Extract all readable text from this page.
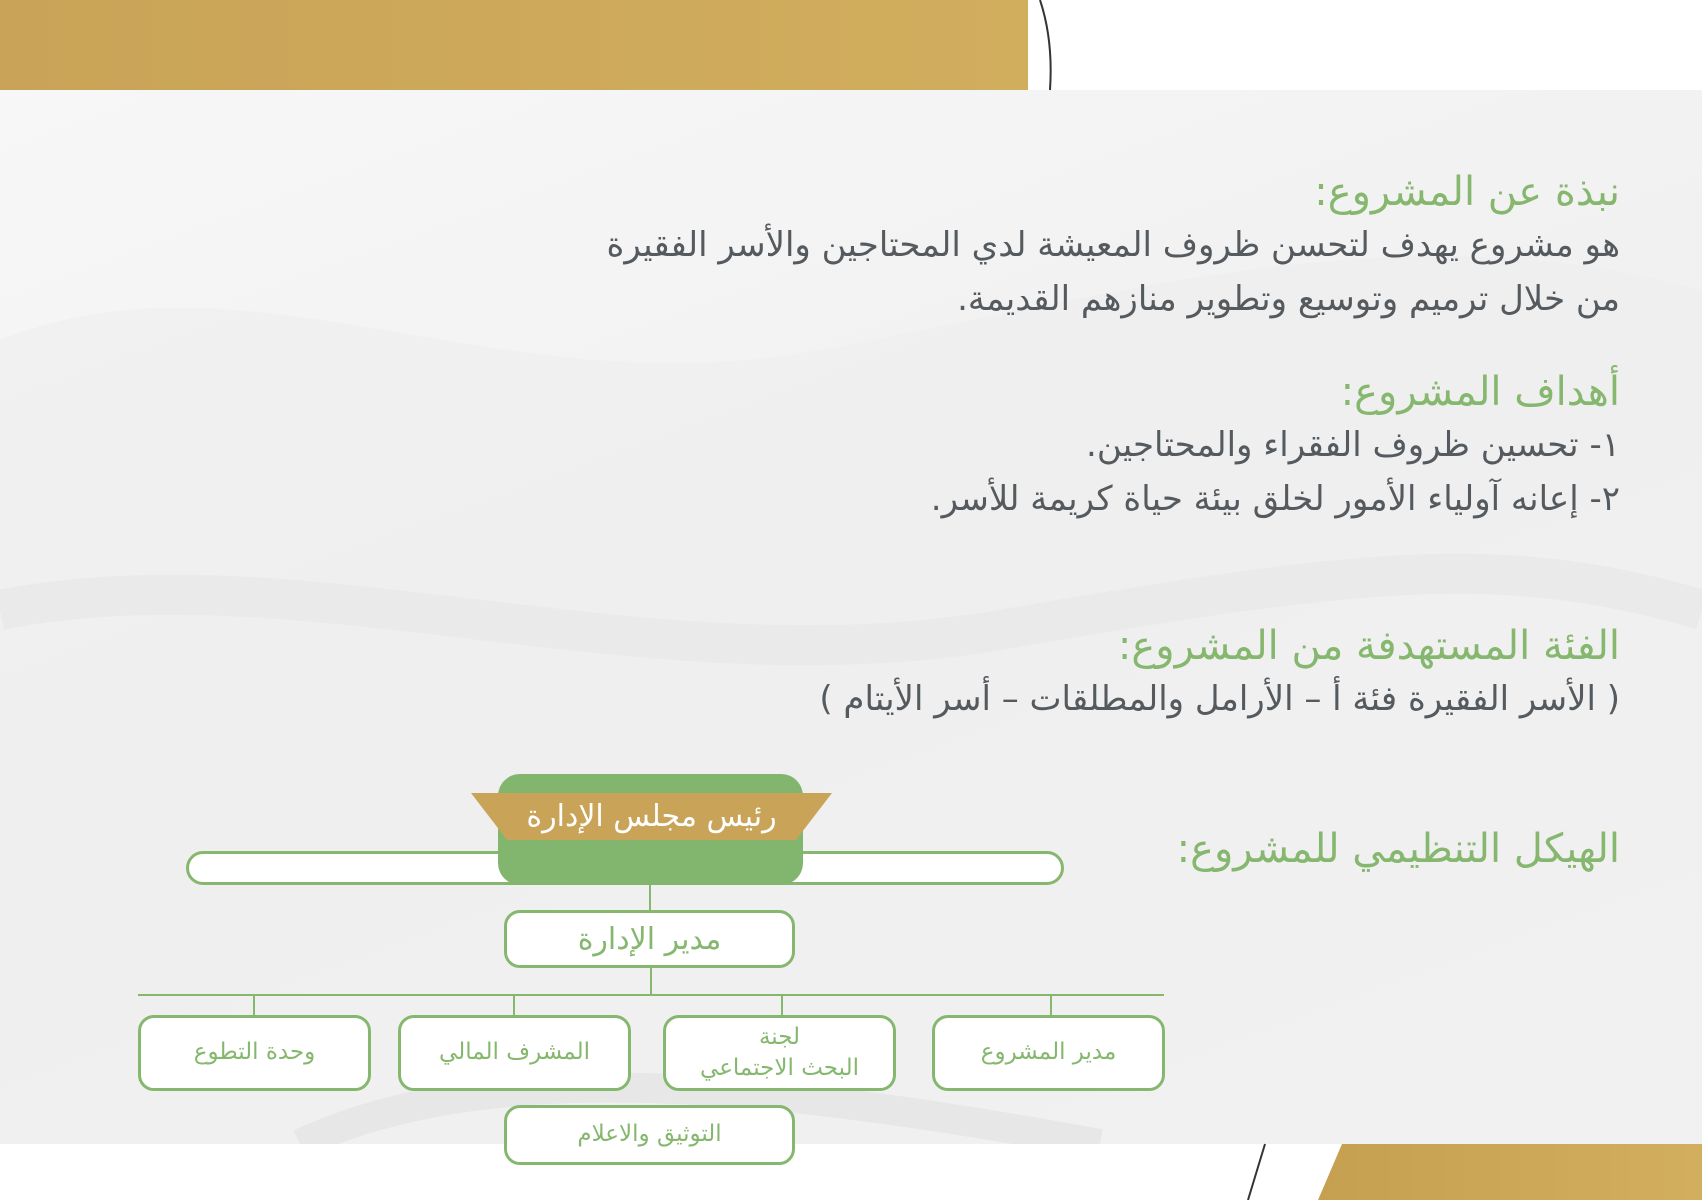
نبذة عن المشروع:
هو مشروع يهدف لتحسن ظروف المعيشة لدي المحتاجين والأسر الفقيرة
من خلال ترميم وتوسيع وتطوير منازهم القديمة.
أهداف المشروع:
١- تحسين ظروف الفقراء والمحتاجين.
٢- إعانه آولياء الأمور لخلق بيئة حياة كريمة للأسر.
الفئة المستهدفة من المشروع:
( الأسر الفقيرة فئة أ – الأرامل والمطلقات – أسر الأيتام )
الهيكل التنظيمي للمشروع:
رئيس مجلس الإدارة
مدير الإدارة
مدير المشروع
لجنة
البحث الاجتماعي
المشرف المالي
وحدة التطوع
التوثيق والاعلام
